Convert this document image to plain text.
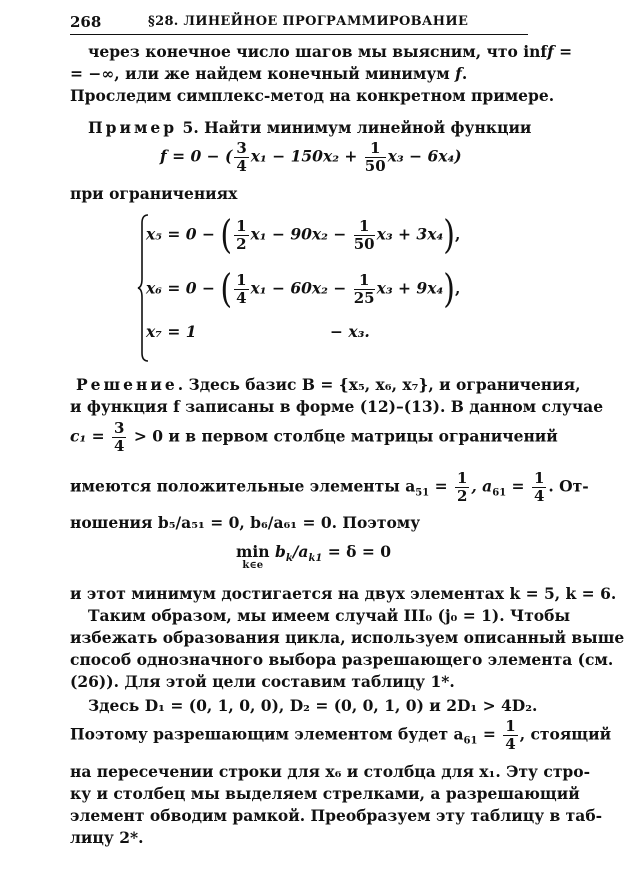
268	§28. ЛИНЕЙНОЕ ПРОГРАММИРОВАНИЕ
через конечное число шагов мы выясним, что inff =
= −∞, или же найдем конечный минимум f.
Проследим симплекс-метод на конкретном примере.
Пример 5. Найти минимум линейной функции
f = 0 − ( $\frac{3}{4} x_1 - 150x_2 + \frac{1}{50} x_3 - 6x_4$)
при ограничениях
x₅ = 0 − ( $\frac{1}{2} x_1 - 90x_2 - \frac{1}{50} x_3 + 3x_4$),
x₆ = 0 − ( $\frac{1}{4} x_1 - 60x_2 - \frac{1}{25} x_3 + 9x_4$),
x₇ = 1	− x₃.
Решение. Здесь базис B = {x₅, x₆, x₇}, и ограничения,
и функция f записаны в форме (12)–(13). В данном случае
$c_1 = \frac{3}{4} > 0$ и в первом столбце матрицы ограничений
имеются положительные элементы $a_{51} = \frac{1}{2}$ , $a_{61} = \frac{1}{4}$ . От-
ношения b₅/a₅₁ = 0, b₆/a₆₁ = 0. Поэтому
min
k∈e
$b_k/a_{k1} = \delta = 0$
и этот минимум достигается на двух элементах k = 5, k = 6.
Таким образом, мы имеем случай III₀ (j₀ = 1). Чтобы
избежать образования цикла, используем описанный выше
способ однозначного выбора разрешающего элемента (см.
(26)). Для этой цели составим таблицу 1*.
Здесь D₁ = (0, 1, 0, 0), D₂ = (0, 0, 1, 0) и 2D₁ > 4D₂.
Поэтому разрешающим элементом будет $a_{61} = \frac{1}{4}$ , стоящий
на пересечении строки для x₆ и столбца для x₁. Эту стро-
ку и столбец мы выделяем стрелками, а разрешающий
элемент обводим рамкой. Преобразуем эту таблицу в таб-
лицу 2*.
